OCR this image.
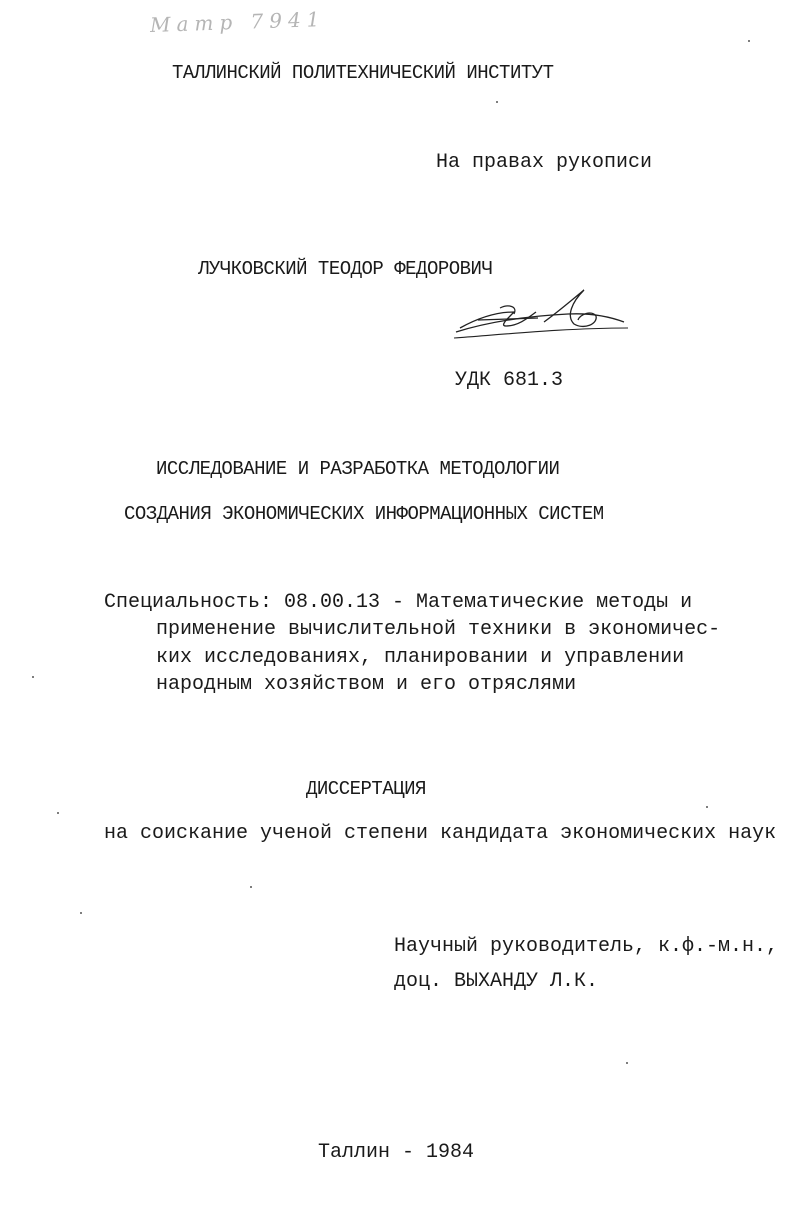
Mamp 7941
ТАЛЛИНСКИЙ ПОЛИТЕХНИЧЕСКИЙ ИНСТИТУТ
На правах рукописи
ЛУЧКОВСКИЙ ТЕОДОР ФЕДОРОВИЧ
УДК 681.3
ИССЛЕДОВАНИЕ И РАЗРАБОТКА МЕТОДОЛОГИИ
СОЗДАНИЯ ЭКОНОМИЧЕСКИХ ИНФОРМАЦИОННЫХ СИСТЕМ
Специальность: 08.00.13 - Математические методы и
применение вычислительной техники в экономичес-
ких исследованиях, планировании и управлении
народным хозяйством и его отряслями
ДИССЕРТАЦИЯ
на соискание ученой степени кандидата экономических наук
Научный руководитель, к.ф.-м.н.,
доц. ВЫХАНДУ Л.К.
Таллин - 1984
